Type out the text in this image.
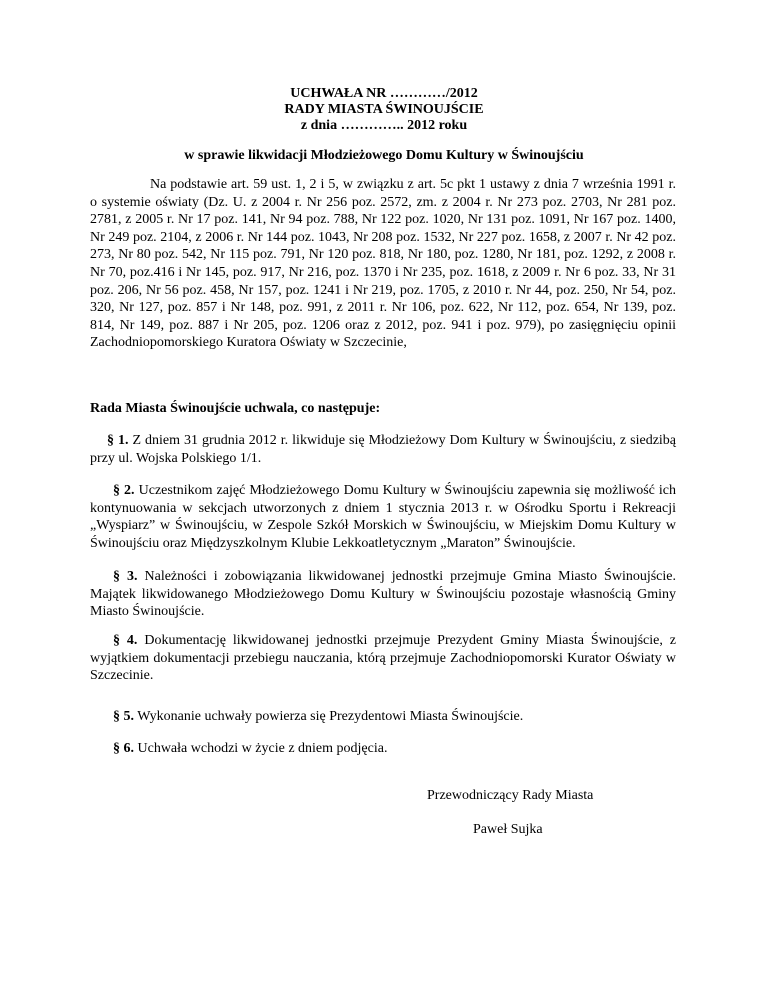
UCHWAŁA NR …………/2012
RADY MIASTA ŚWINOUJŚCIE
z dnia ………….. 2012 roku
w sprawie likwidacji Młodzieżowego Domu Kultury w Świnoujściu

Na podstawie art. 59 ust. 1, 2 i 5, w związku z art. 5c pkt 1 ustawy z dnia 7 września 1991 r. o systemie oświaty (Dz. U. z 2004 r. Nr 256 poz. 2572, zm. z 2004 r. Nr 273 poz. 2703, Nr 281 poz. 2781, z 2005 r. Nr 17 poz. 141, Nr 94 poz. 788, Nr 122 poz. 1020, Nr 131 poz. 1091, Nr 167 poz. 1400, Nr 249 poz. 2104, z 2006 r. Nr 144 poz. 1043, Nr 208 poz. 1532, Nr 227 poz. 1658, z 2007 r. Nr 42 poz. 273, Nr 80 poz. 542, Nr 115 poz. 791, Nr 120 poz. 818, Nr 180, poz. 1280, Nr 181, poz. 1292, z 2008 r. Nr 70, poz.416 i Nr 145, poz. 917, Nr 216, poz. 1370 i Nr 235, poz. 1618, z 2009 r. Nr 6 poz. 33, Nr 31 poz. 206, Nr 56 poz. 458, Nr 157, poz. 1241 i Nr 219, poz. 1705, z 2010 r. Nr 44, poz. 250, Nr 54, poz. 320, Nr 127, poz. 857 i Nr 148, poz. 991, z 2011 r. Nr 106, poz. 622, Nr 112, poz. 654, Nr 139, poz. 814, Nr 149, poz. 887 i Nr 205, poz. 1206 oraz z 2012, poz. 941 i poz. 979), po zasięgnięciu opinii Zachodniopomorskiego Kuratora Oświaty w Szczecinie,

Rada Miasta Świnoujście uchwala, co następuje:

§ 1. Z dniem 31 grudnia 2012 r. likwiduje się Młodzieżowy Dom Kultury w Świnoujściu, z siedzibą przy ul. Wojska Polskiego 1/1.

§ 2. Uczestnikom zajęć Młodzieżowego Domu Kultury w Świnoujściu zapewnia się możliwość ich kontynuowania w sekcjach utworzonych z dniem 1 stycznia 2013 r. w Ośrodku Sportu i Rekreacji „Wyspiarz” w Świnoujściu, w Zespole Szkół Morskich w Świnoujściu, w Miejskim Domu Kultury w Świnoujściu oraz Międzyszkolnym Klubie Lekkoatletycznym „Maraton” Świnoujście.

§ 3. Należności i zobowiązania likwidowanej jednostki przejmuje Gmina Miasto Świnoujście. Majątek likwidowanego Młodzieżowego Domu Kultury w Świnoujściu pozostaje własnością Gminy Miasto Świnoujście.

§ 4. Dokumentację likwidowanej jednostki przejmuje Prezydent Gminy Miasta Świnoujście, z wyjątkiem dokumentacji przebiegu nauczania, którą przejmuje Zachodniopomorski Kurator Oświaty w Szczecinie.

§ 5. Wykonanie uchwały powierza się Prezydentowi Miasta Świnoujście.

§ 6. Uchwała wchodzi w życie z dniem podjęcia.

Przewodniczący Rady Miasta
Paweł Sujka
